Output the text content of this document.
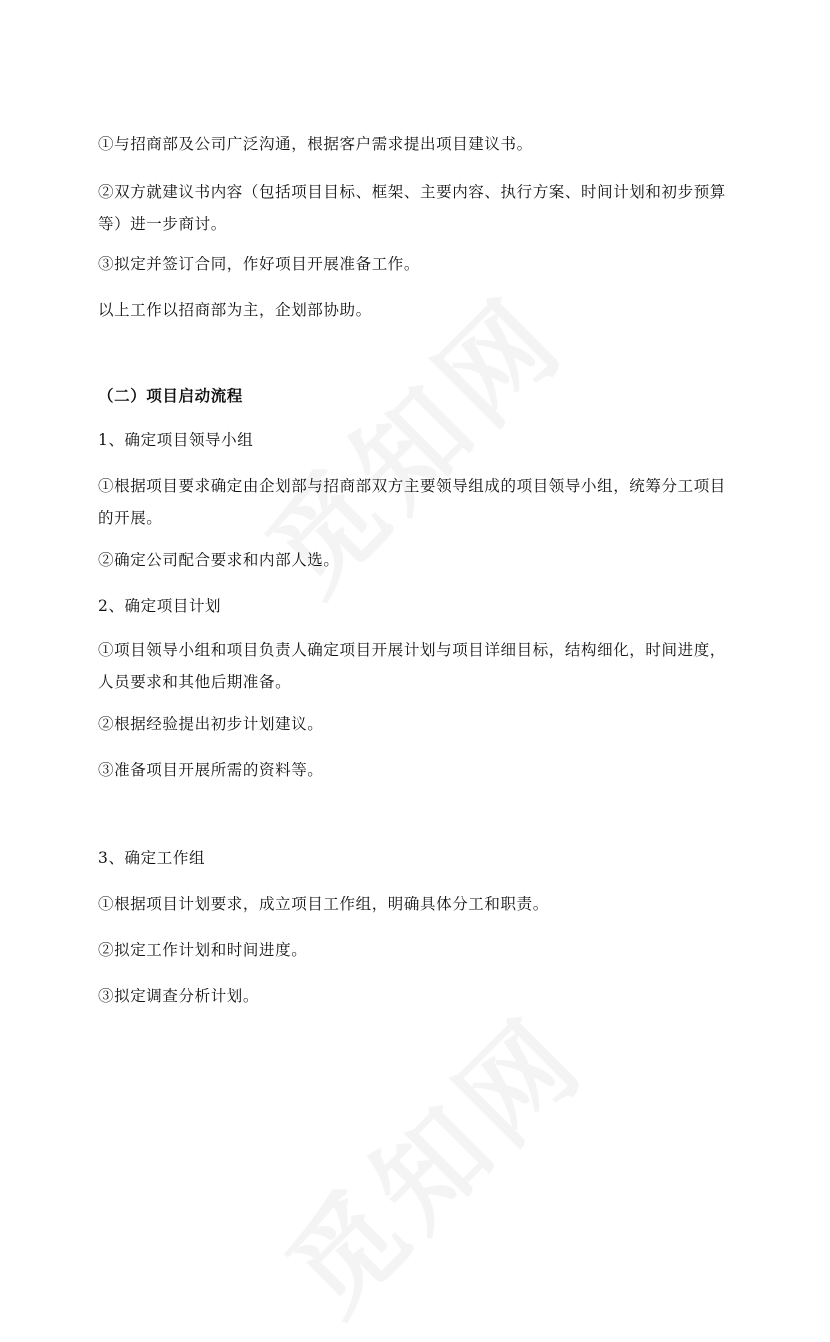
①与招商部及公司广泛沟通，根据客户需求提出项目建议书。

②双方就建议书内容（包括项目目标、框架、主要内容、执行方案、时间计划和初步预算等）进一步商讨。

③拟定并签订合同，作好项目开展准备工作。

以上工作以招商部为主，企划部协助。

（二）项目启动流程

1、确定项目领导小组

①根据项目要求确定由企划部与招商部双方主要领导组成的项目领导小组，统筹分工项目的开展。

②确定公司配合要求和内部人选。

2、确定项目计划

①项目领导小组和项目负责人确定项目开展计划与项目详细目标，结构细化，时间进度，人员要求和其他后期准备。

②根据经验提出初步计划建议。

③准备项目开展所需的资料等。

3、确定工作组

①根据项目计划要求，成立项目工作组，明确具体分工和职责。

②拟定工作计划和时间进度。

③拟定调查分析计划。
